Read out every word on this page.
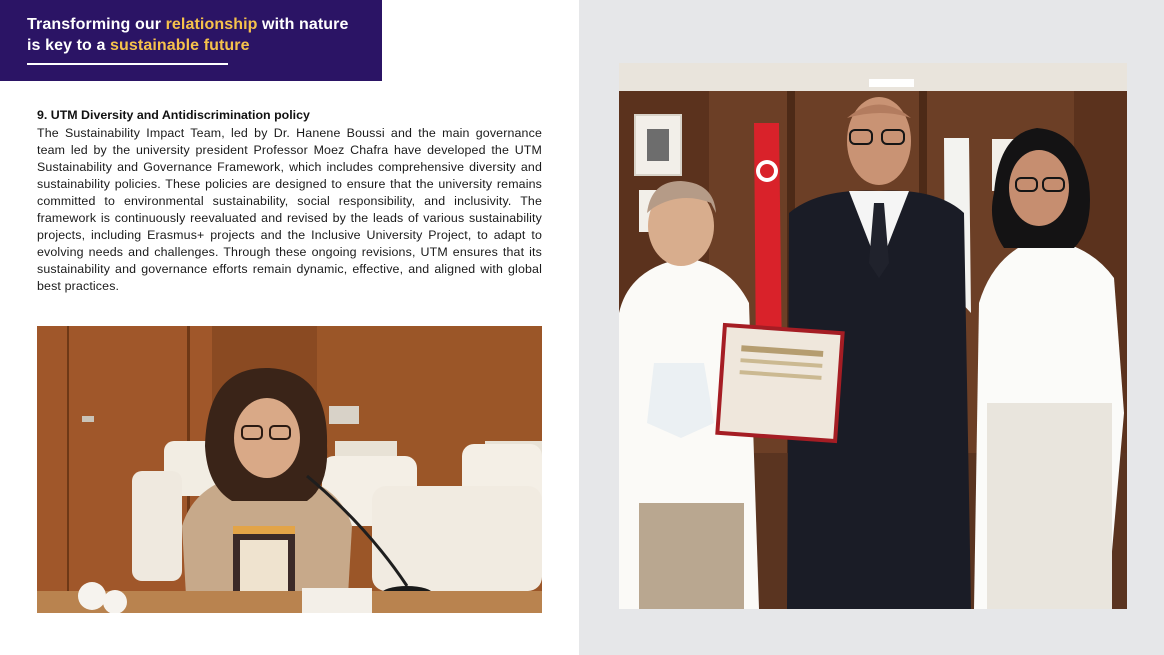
Transforming our relationship with nature
is key to a sustainable future
9. UTM Diversity and Antidiscrimination policy
The Sustainability Impact Team, led by Dr. Hanene Boussi and the main governance team led by the university president Professor Moez Chafra have developed the UTM Sustainability and Governance Framework, which includes comprehensive diversity and sustainability policies. These policies are designed to ensure that the university remains committed to environmental sustainability, social responsibility, and inclusivity. The framework is continuously reevaluated and revised by the leads of various sustainability projects, including Erasmus+ projects and the Inclusive University Project, to adapt to evolving needs and challenges. Through these ongoing revisions, UTM ensures that its sustainability and governance efforts remain dynamic, effective, and aligned with global best practices.
